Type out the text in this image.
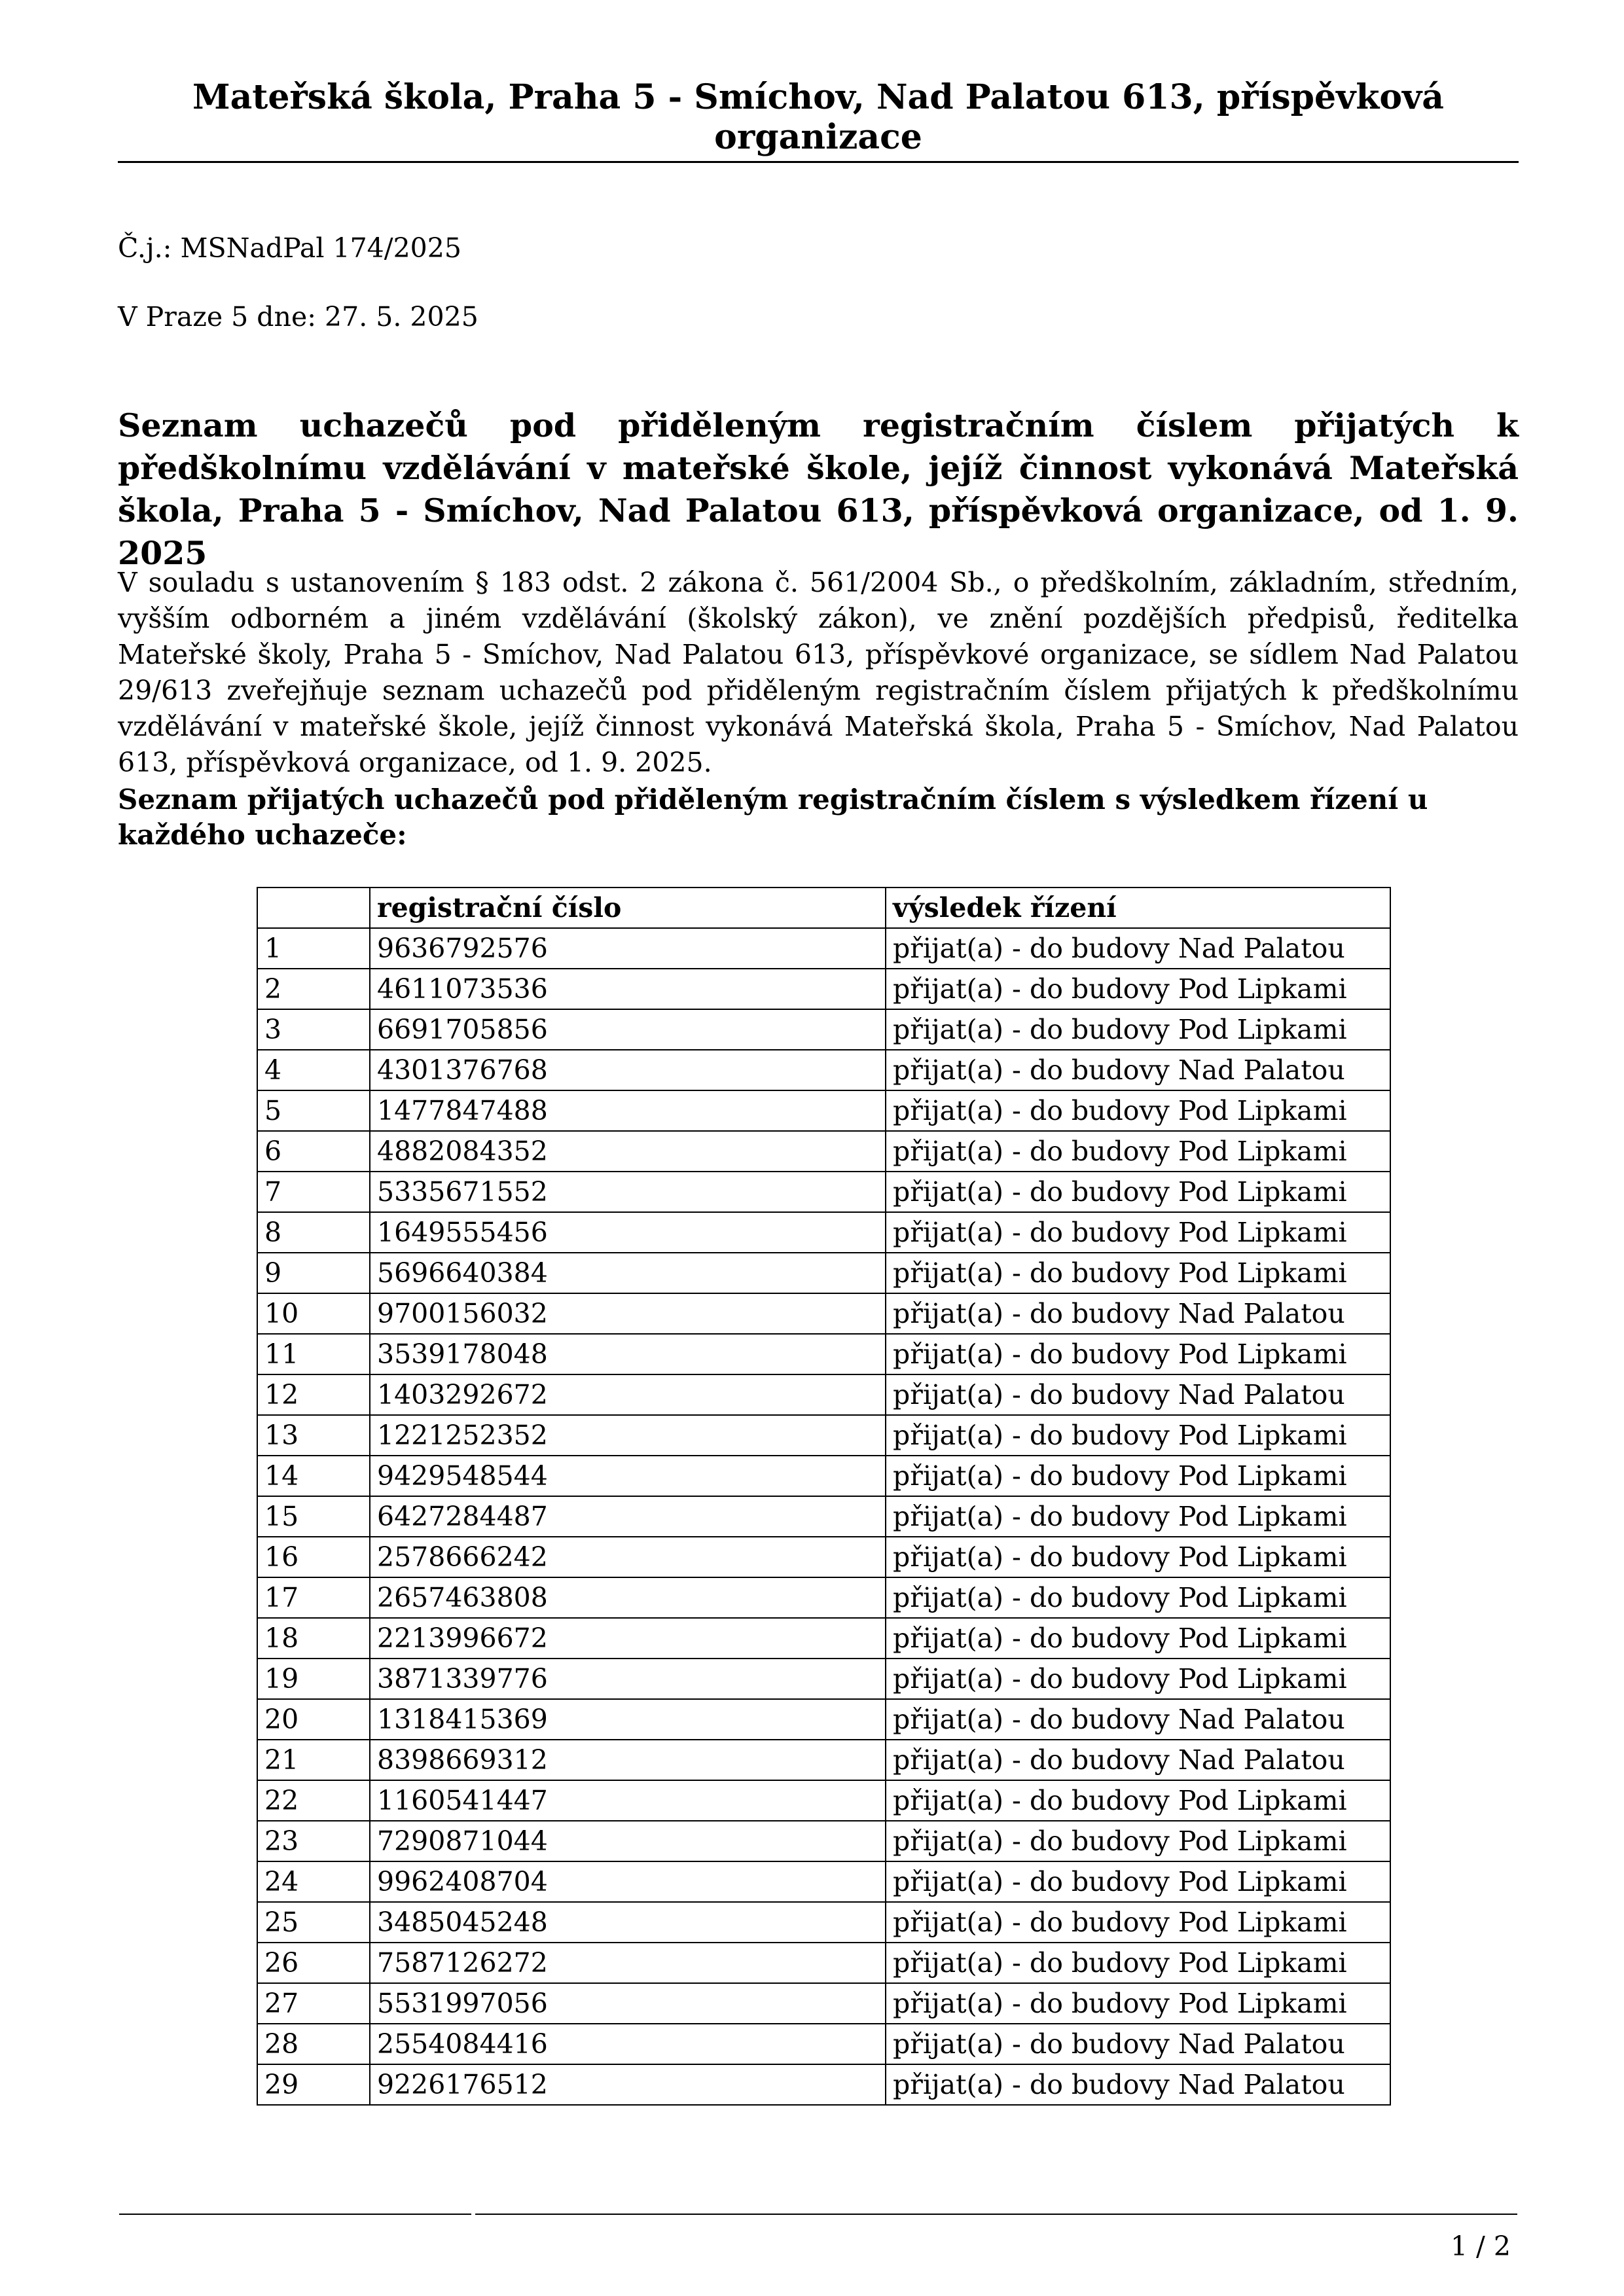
Mateřská škola, Praha 5 - Smíchov, Nad Palatou 613, příspěvková organizace
Č.j.: MSNadPal 174/2025
V Praze 5 dne: 27. 5. 2025
Seznam uchazečů pod přiděleným registračním číslem přijatých k předškolnímu vzdělávání v mateřské škole, jejíž činnost vykonává Mateřská škola, Praha 5 - Smíchov, Nad Palatou 613, příspěvková organizace, od 1. 9. 2025

V souladu s ustanovením § 183 odst. 2 zákona č. 561/2004 Sb., o předškolním, základním, středním, vyšším odborném a jiném vzdělávání (školský zákon), ve znění pozdějších předpisů, ředitelka Mateřské školy, Praha 5 - Smíchov, Nad Palatou 613, příspěvkové organizace, se sídlem Nad Palatou 29/613 zveřejňuje seznam uchazečů pod přiděleným registračním číslem přijatých k předškolnímu vzdělávání v mateřské škole, jejíž činnost vykonává Mateřská škola, Praha 5 - Smíchov, Nad Palatou 613, příspěvková organizace, od 1. 9. 2025.

Seznam přijatých uchazečů pod přiděleným registračním číslem s výsledkem řízení u každého uchazeče:

	registrační číslo	výsledek řízení
1	9636792576	přijat(a) - do budovy Nad Palatou
2	4611073536	přijat(a) - do budovy Pod Lipkami
3	6691705856	přijat(a) - do budovy Pod Lipkami
4	4301376768	přijat(a) - do budovy Nad Palatou
5	1477847488	přijat(a) - do budovy Pod Lipkami
6	4882084352	přijat(a) - do budovy Pod Lipkami
7	5335671552	přijat(a) - do budovy Pod Lipkami
8	1649555456	přijat(a) - do budovy Pod Lipkami
9	5696640384	přijat(a) - do budovy Pod Lipkami
10	9700156032	přijat(a) - do budovy Nad Palatou
11	3539178048	přijat(a) - do budovy Pod Lipkami
12	1403292672	přijat(a) - do budovy Nad Palatou
13	1221252352	přijat(a) - do budovy Pod Lipkami
14	9429548544	přijat(a) - do budovy Pod Lipkami
15	6427284487	přijat(a) - do budovy Pod Lipkami
16	2578666242	přijat(a) - do budovy Pod Lipkami
17	2657463808	přijat(a) - do budovy Pod Lipkami
18	2213996672	přijat(a) - do budovy Pod Lipkami
19	3871339776	přijat(a) - do budovy Pod Lipkami
20	1318415369	přijat(a) - do budovy Nad Palatou
21	8398669312	přijat(a) - do budovy Nad Palatou
22	1160541447	přijat(a) - do budovy Pod Lipkami
23	7290871044	přijat(a) - do budovy Pod Lipkami
24	9962408704	přijat(a) - do budovy Pod Lipkami
25	3485045248	přijat(a) - do budovy Pod Lipkami
26	7587126272	přijat(a) - do budovy Pod Lipkami
27	5531997056	přijat(a) - do budovy Pod Lipkami
28	2554084416	přijat(a) - do budovy Nad Palatou
29	9226176512	přijat(a) - do budovy Nad Palatou
1 / 2
